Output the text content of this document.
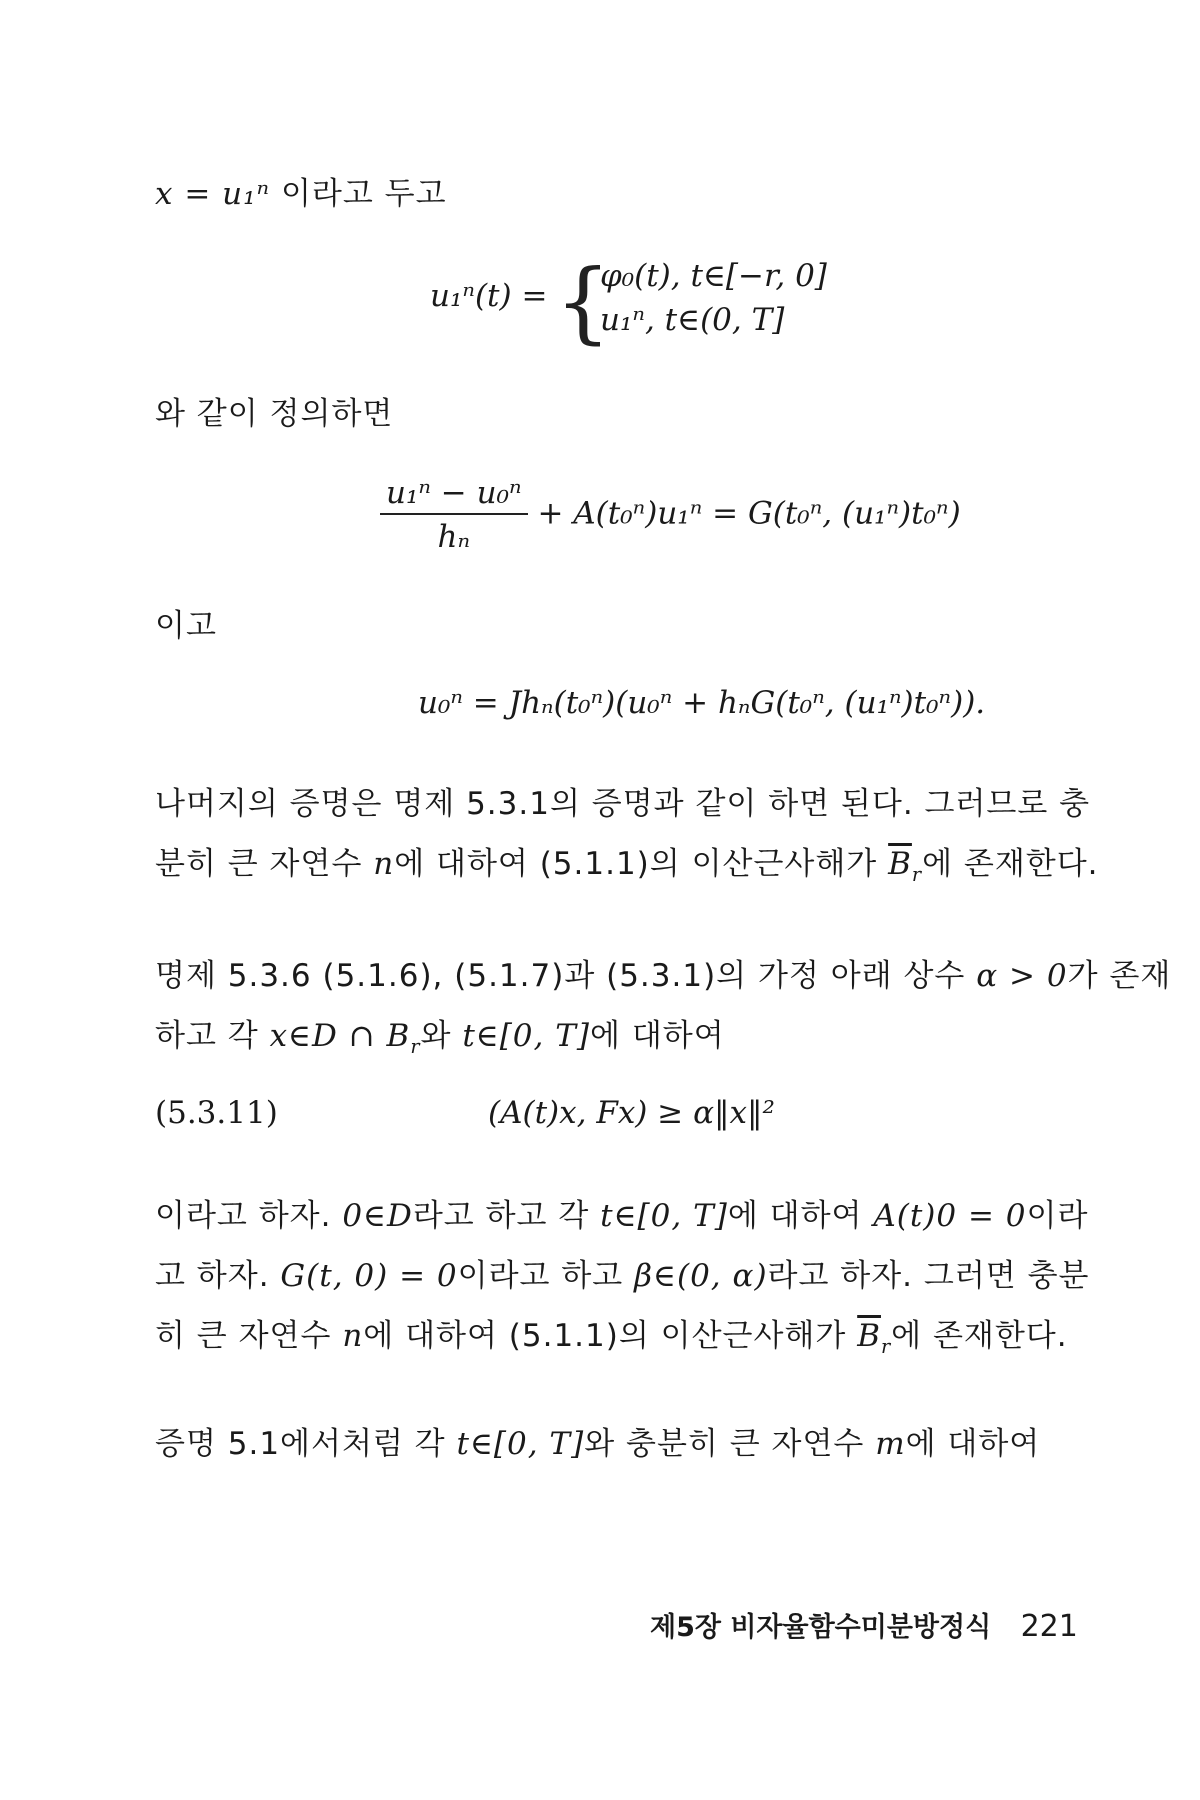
x = u₁ⁿ 이라고 두고
u₁ⁿ(t) = {
φ₀(t), t∈[−r, 0]
u₁ⁿ, t∈(0, T]
와 같이 정의하면
$\frac{\text{u₁ⁿ − u₀ⁿ}}{\text{hₙ}} + A(t_0^n)u_1^n = G(t_0^n$, (u₁ⁿ)t₀ⁿ)
이고
u₀ⁿ = Jhₙ(t₀ⁿ)(u₀ⁿ + hₙG(t₀ⁿ, (u₁ⁿ)t₀ⁿ)).
나머지의 증명은 명제 5.3.1의 증명과 같이 하면 된다. 그러므로 충
분히 큰 자연수 n에 대하여 (5.1.1)의 이산근사해가 $\overline{B}_r$에 존재한다.
명제 5.3.6 (5.1.6), (5.1.7)과 (5.3.1)의 가정 아래 상수 α > 0가 존재
하고 각 x∈D ∩ $B_r$와 t∈[0, T]에 대하여
(5.3.11)	(A(t)x, Fx) ≥ α‖x‖²
이라고 하자. 0∈D라고 하고 각 t∈[0, T]에 대하여 A(t)0 = 0이라
고 하자. G(t, 0) = 0이라고 하고 β∈(0, α)라고 하자. 그러면 충분
히 큰 자연수 n에 대하여 (5.1.1)의 이산근사해가 $\overline{B}_r$에 존재한다.
증명 5.1에서처럼 각 t∈[0, T]와 충분히 큰 자연수 m에 대하여
제5장 비자율함수미분방정식 221
